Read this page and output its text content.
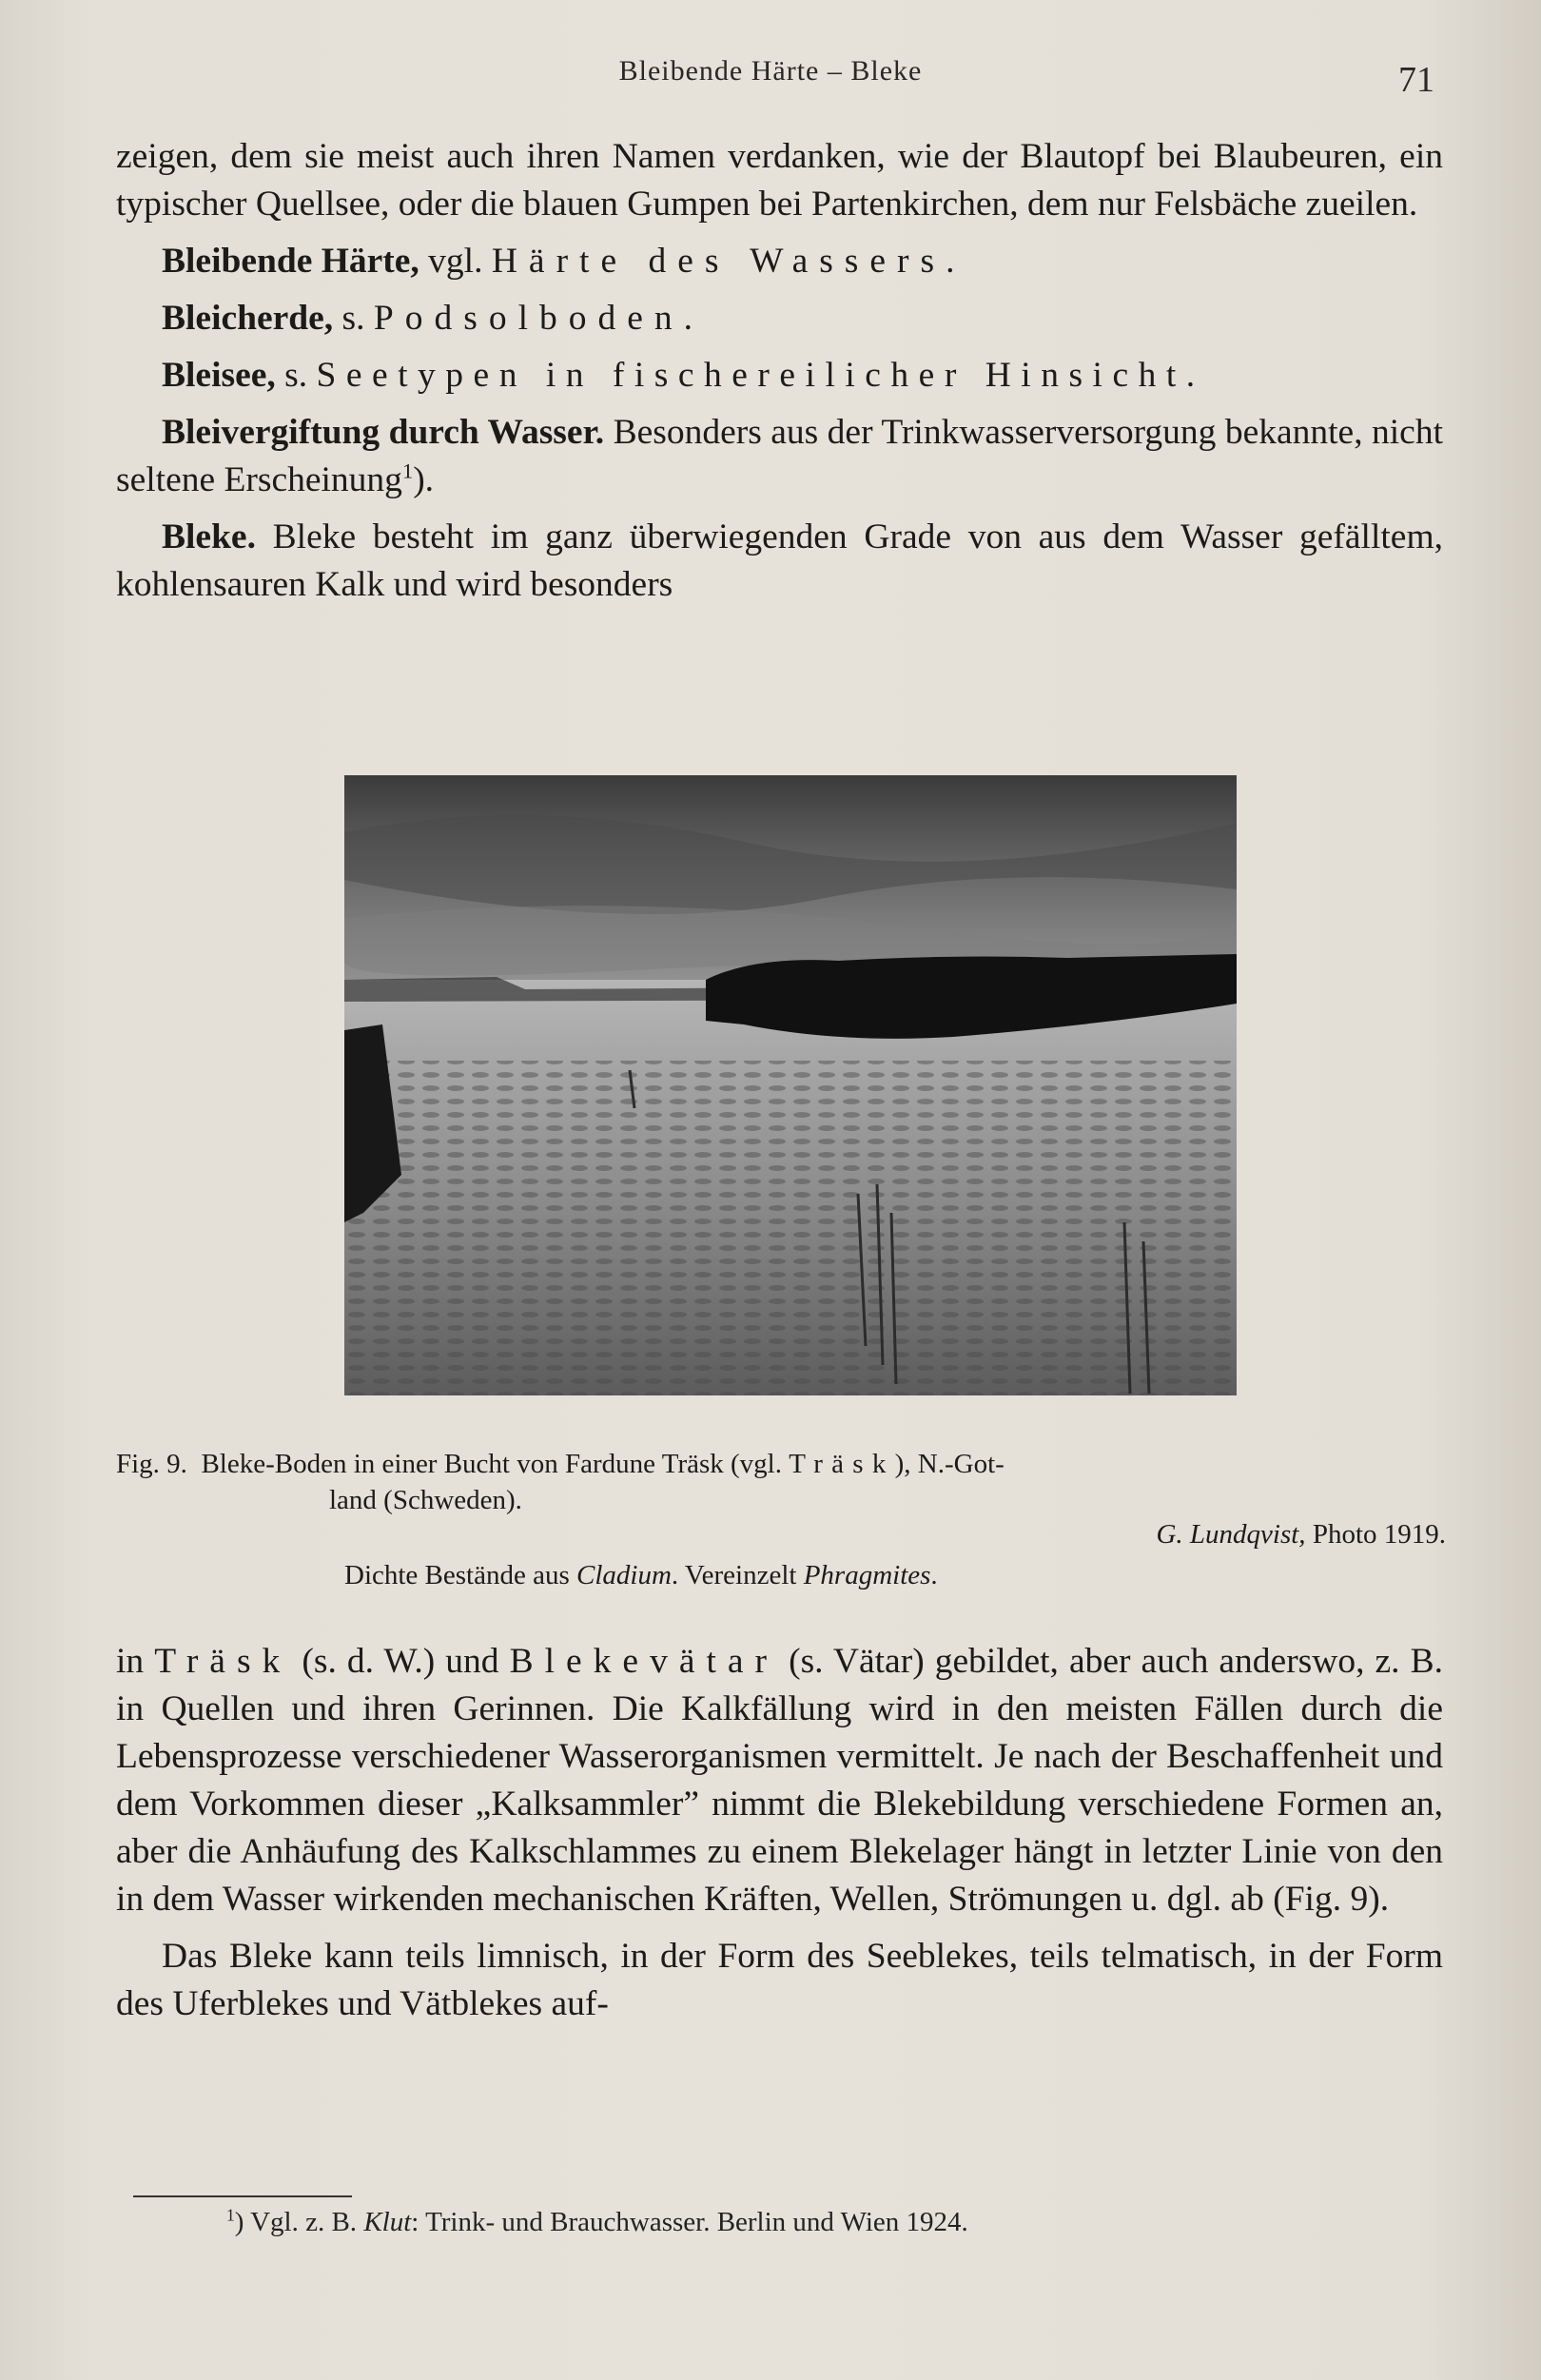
Bleibende Härte – Bleke	71

zeigen, dem sie meist auch ihren Namen verdanken, wie der Blautopf bei Blaubeuren, ein typischer Quellsee, oder die blauen Gumpen bei Partenkirchen, dem nur Felsbäche zueilen.

Bleibende Härte, vgl. Härte des Wassers.

Bleicherde, s. Podsolboden.

Bleisee, s. Seetypen in fischereilicher Hinsicht.

Bleivergiftung durch Wasser. Besonders aus der Trinkwasserversorgung bekannte, nicht seltene Erscheinung$^1$).

Bleke. Bleke besteht im ganz überwiegenden Grade von aus dem Wasser gefälltem, kohlensauren Kalk und wird besonders

Fig. 9. Bleke-Boden in einer Bucht von Fardune Träsk (vgl. Träsk), N.-Got-
land (Schweden).
G. Lundqvist, Photo 1919.
Dichte Bestände aus Cladium. Vereinzelt Phragmites.

in Träsk (s. d. W.) und Blekevätar (s. Vätar) gebildet, aber auch anderswo, z. B. in Quellen und ihren Gerinnen. Die Kalkfällung wird in den meisten Fällen durch die Lebensprozesse verschiedener Wasserorganismen vermittelt. Je nach der Beschaffenheit und dem Vorkommen dieser „Kalksammler” nimmt die Blekebildung verschiedene Formen an, aber die Anhäufung des Kalkschlammes zu einem Blekelager hängt in letzter Linie von den in dem Wasser wirkenden mechanischen Kräften, Wellen, Strömungen u. dgl. ab (Fig. 9).

Das Bleke kann teils limnisch, in der Form des Seeblekes, teils telmatisch, in der Form des Uferblekes und Vätblekes auf-

$^1$) Vgl. z. B. Klut: Trink- und Brauchwasser. Berlin und Wien 1924.
